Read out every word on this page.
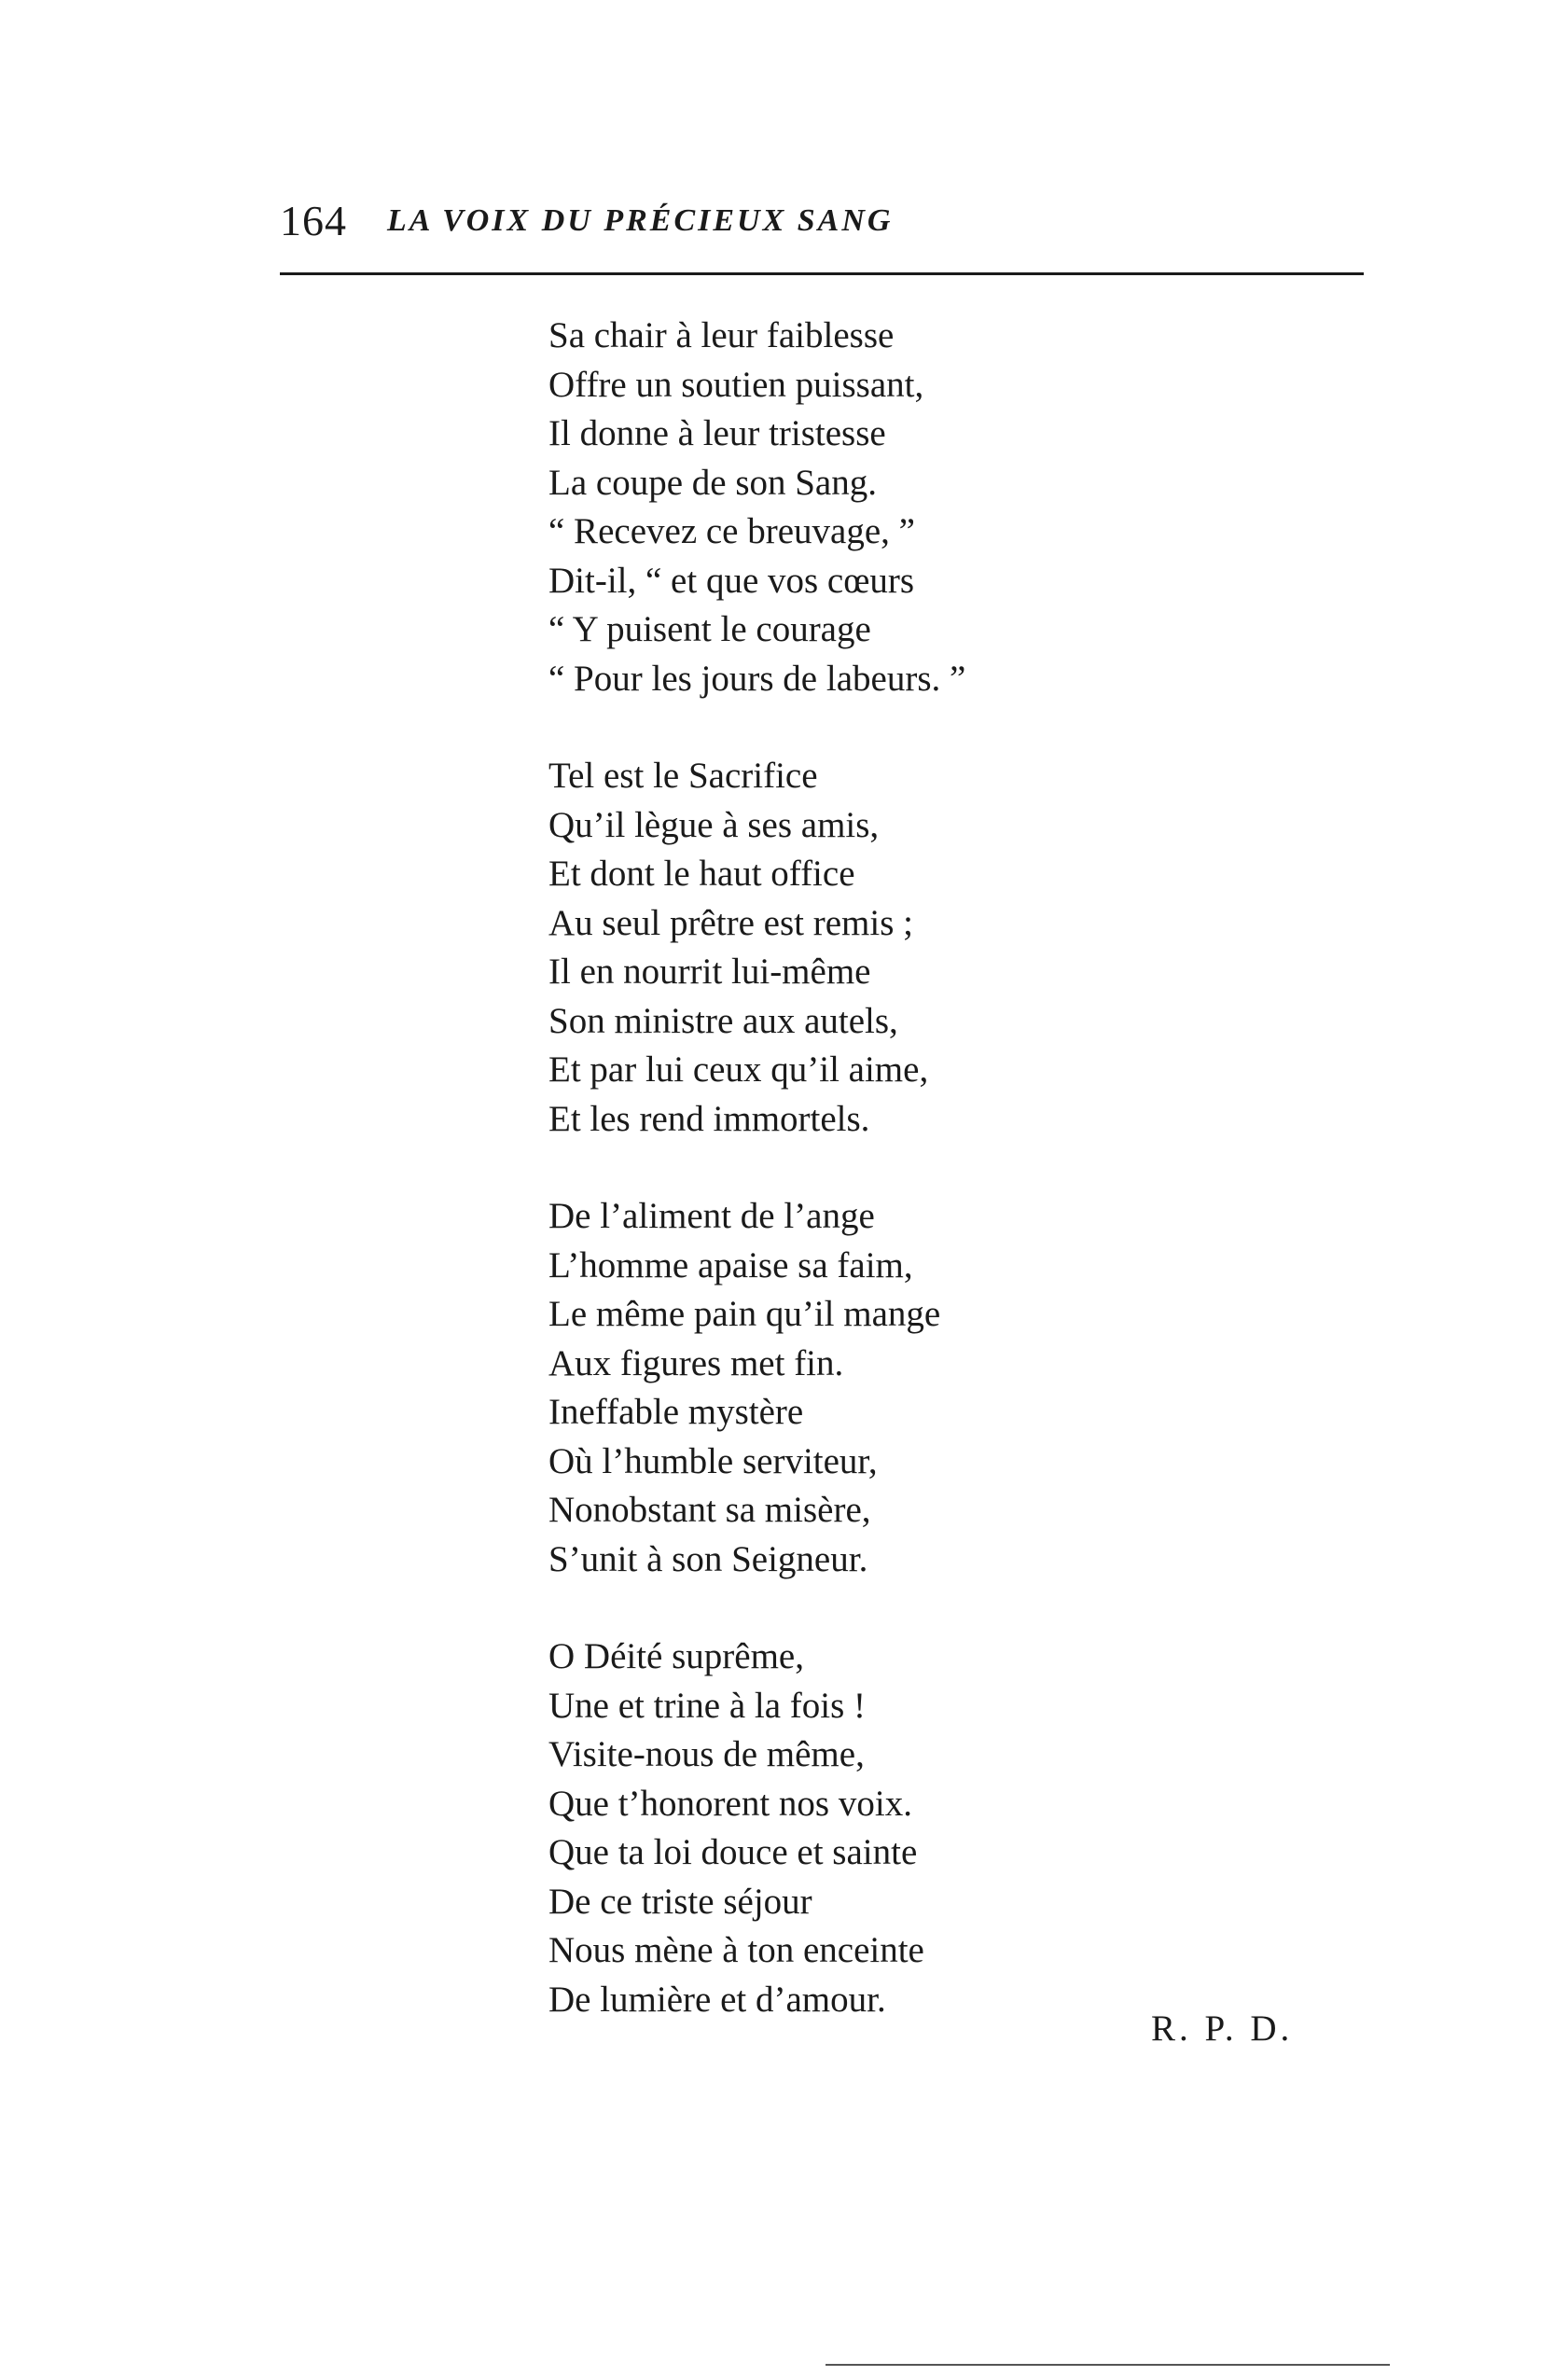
164 LA VOIX DU PRÉCIEUX SANG
Sa chair à leur faiblesse
Offre un soutien puissant,
Il donne à leur tristesse
La coupe de son Sang.
“ Recevez ce breuvage, ”
Dit-il, “ et que vos cœurs
“ Y puisent le courage
“ Pour les jours de labeurs. ”
Tel est le Sacrifice
Qu’il lègue à ses amis,
Et dont le haut office
Au seul prêtre est remis ;
Il en nourrit lui-même
Son ministre aux autels,
Et par lui ceux qu’il aime,
Et les rend immortels.
De l’aliment de l’ange
L’homme apaise sa faim,
Le même pain qu’il mange
Aux figures met fin.
Ineffable mystère
Où l’humble serviteur,
Nonobstant sa misère,
S’unit à son Seigneur.
O Déité suprême,
Une et trine à la fois !
Visite-nous de même,
Que t’honorent nos voix.
Que ta loi douce et sainte
De ce triste séjour
Nous mène à ton enceinte
De lumière et d’amour.
R. P. D.
